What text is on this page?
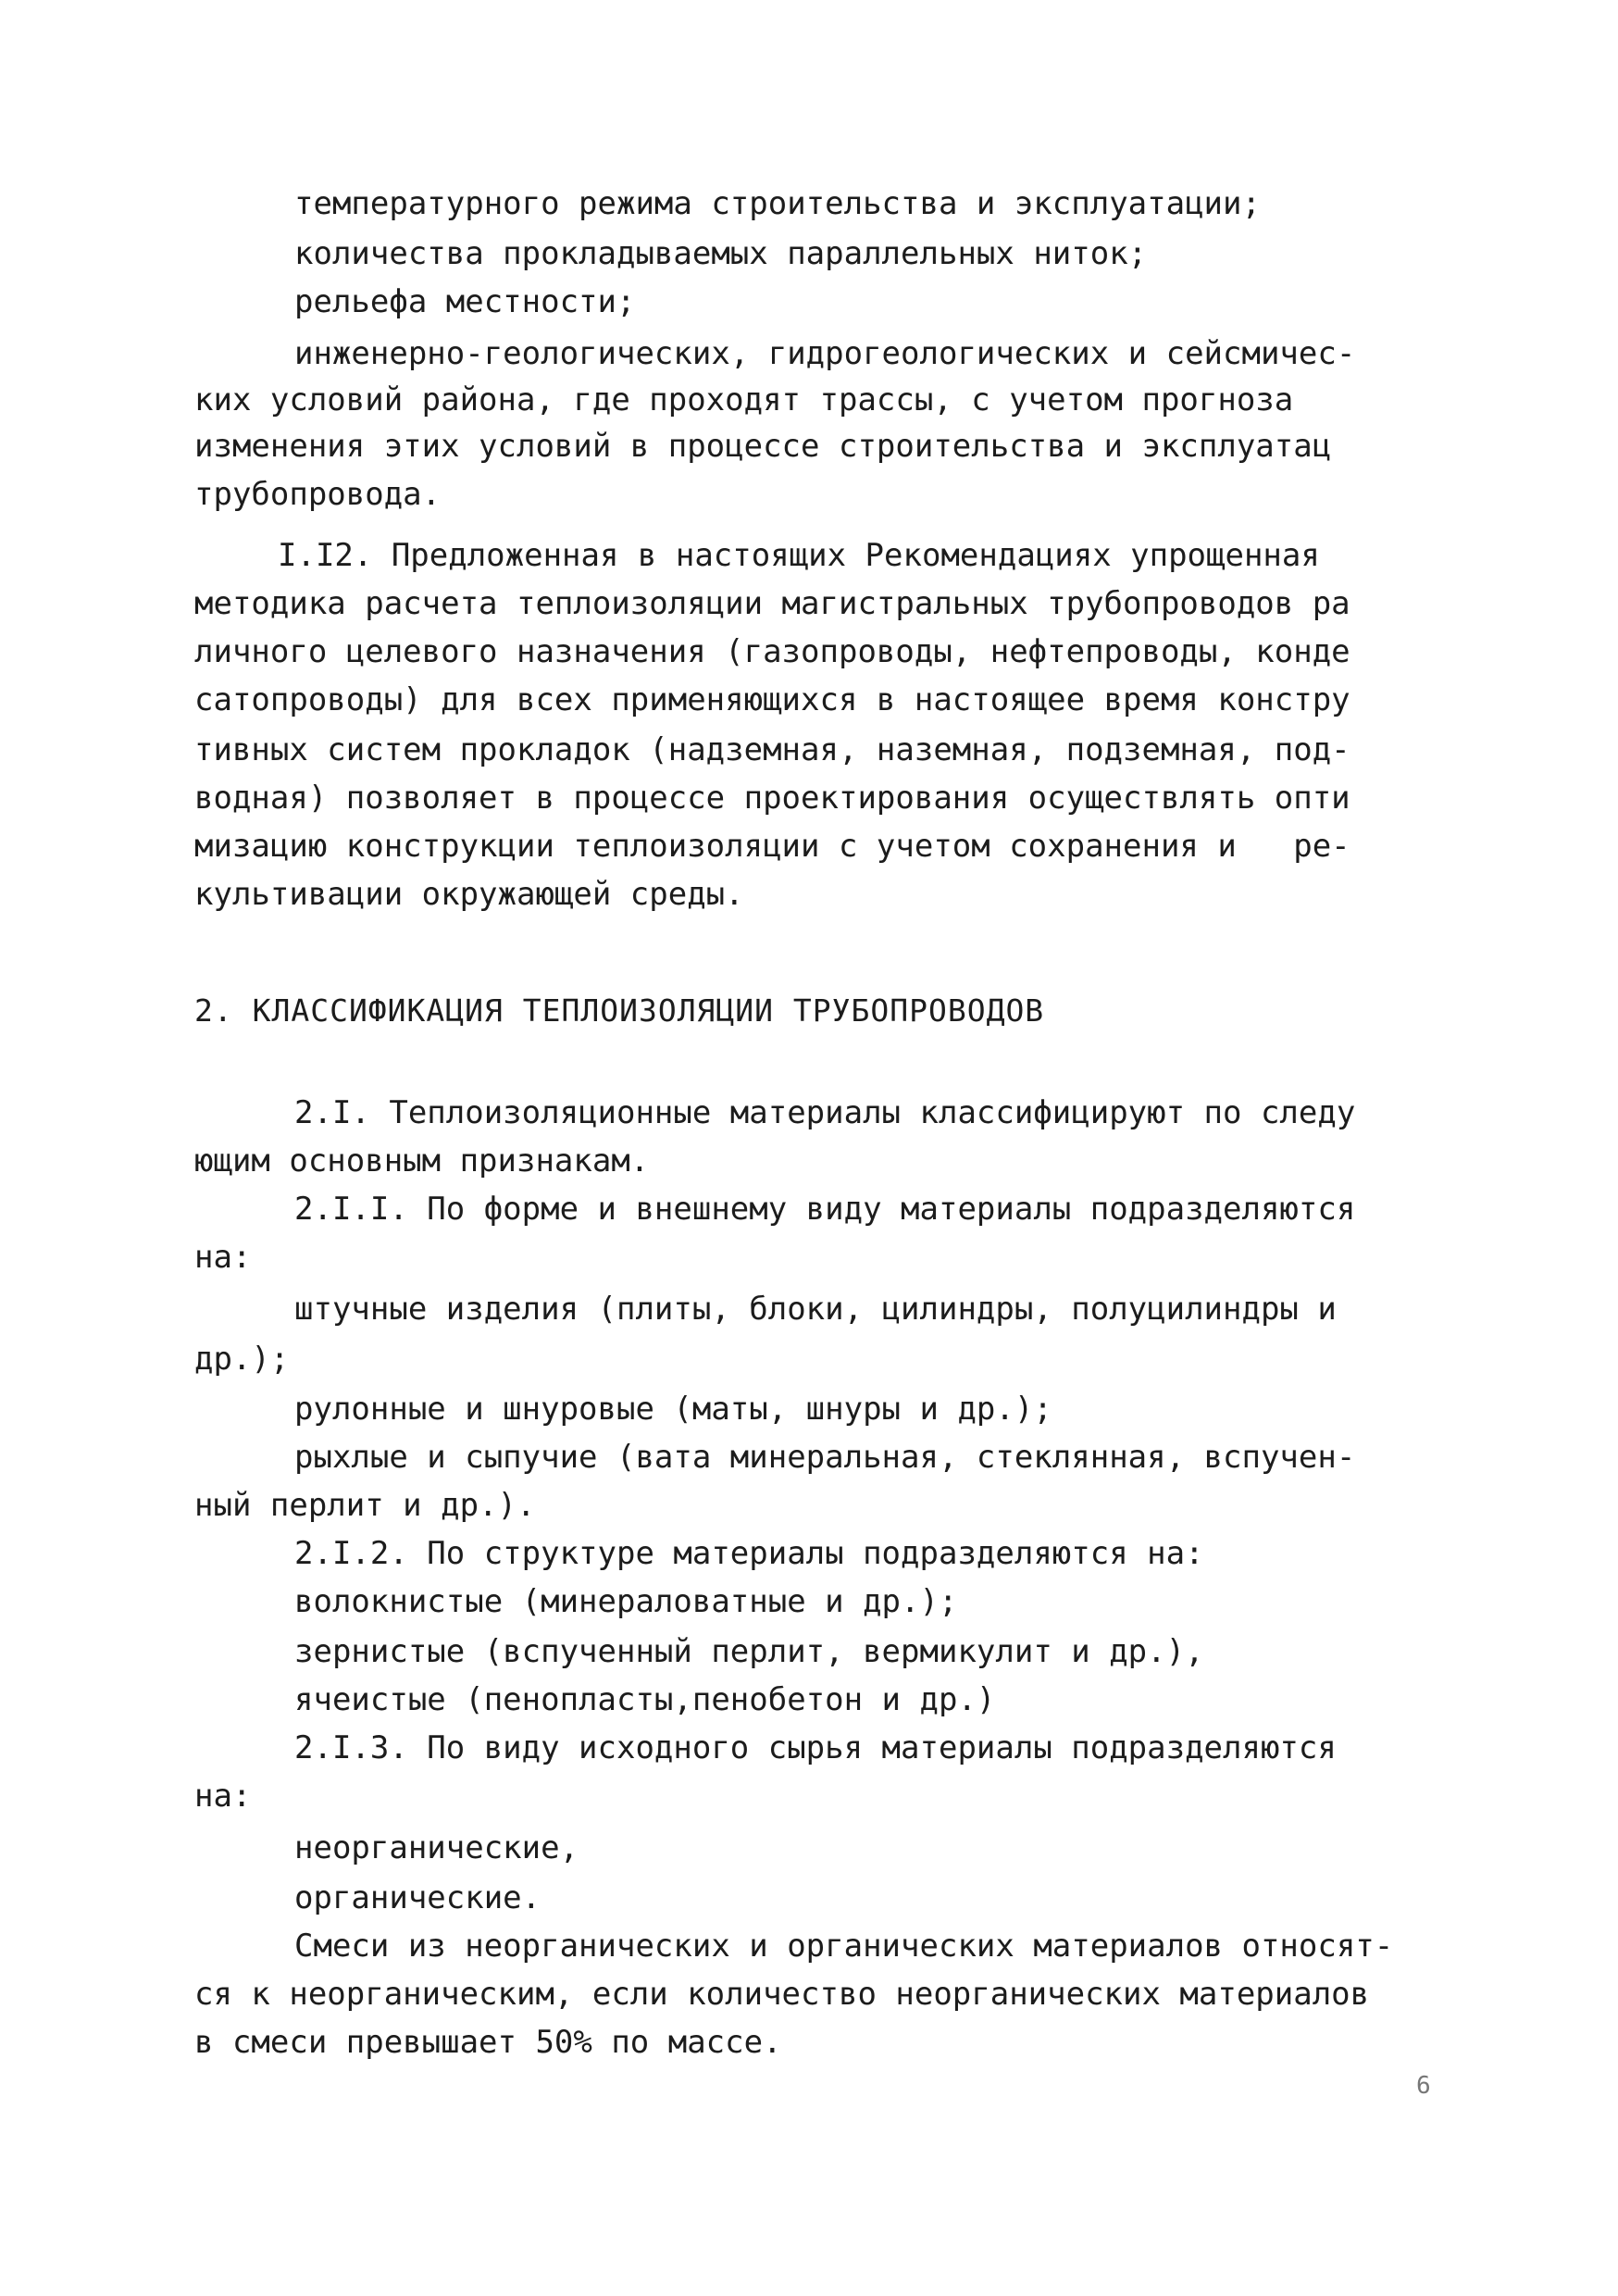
температурного режима строительства и эксплуатации;
количества прокладываемых параллельных ниток;
рельефа местности;
инженерно-геологических, гидрогеологических и сейсмичес-
ких условий района, где проходят трассы, с учетом прогноза
изменения этих условий в процессе строительства и эксплуатац
трубопровода.
I.I2. Предложенная в настоящих Рекомендациях упрощенная
методика расчета теплоизоляции магистральных трубопроводов ра
личного целевого назначения (газопроводы, нефтепроводы, конде
сатопроводы) для всех применяющихся в настоящее время констру
тивных систем прокладок (надземная, наземная, подземная, под-
водная) позволяет в процессе проектирования осуществлять опти
мизацию конструкции теплоизоляции с учетом сохранения и   ре-
культивации окружающей среды.
2. КЛАССИФИКАЦИЯ ТЕПЛОИЗОЛЯЦИИ ТРУБОПРОВОДОВ
2.I. Теплоизоляционные материалы классифицируют по следу
ющим основным признакам.
2.I.I. По форме и внешнему виду материалы подразделяются
на:
штучные изделия (плиты, блоки, цилиндры, полуцилиндры и
др.);
рулонные и шнуровые (маты, шнуры и др.);
рыхлые и сыпучие (вата минеральная, стеклянная, вспучен-
ный перлит и др.).
2.I.2. По структуре материалы подразделяются на:
волокнистые (минераловатные и др.);
зернистые (вспученный перлит, вермикулит и др.),
ячеистые (пенопласты,пенобетон и др.)
2.I.3. По виду исходного сырья материалы подразделяются
на:
неорганические,
органические.
Смеси из неорганических и органических материалов относят-
ся к неорганическим, если количество неорганических материалов
в смеси превышает 50% по массе.
6
